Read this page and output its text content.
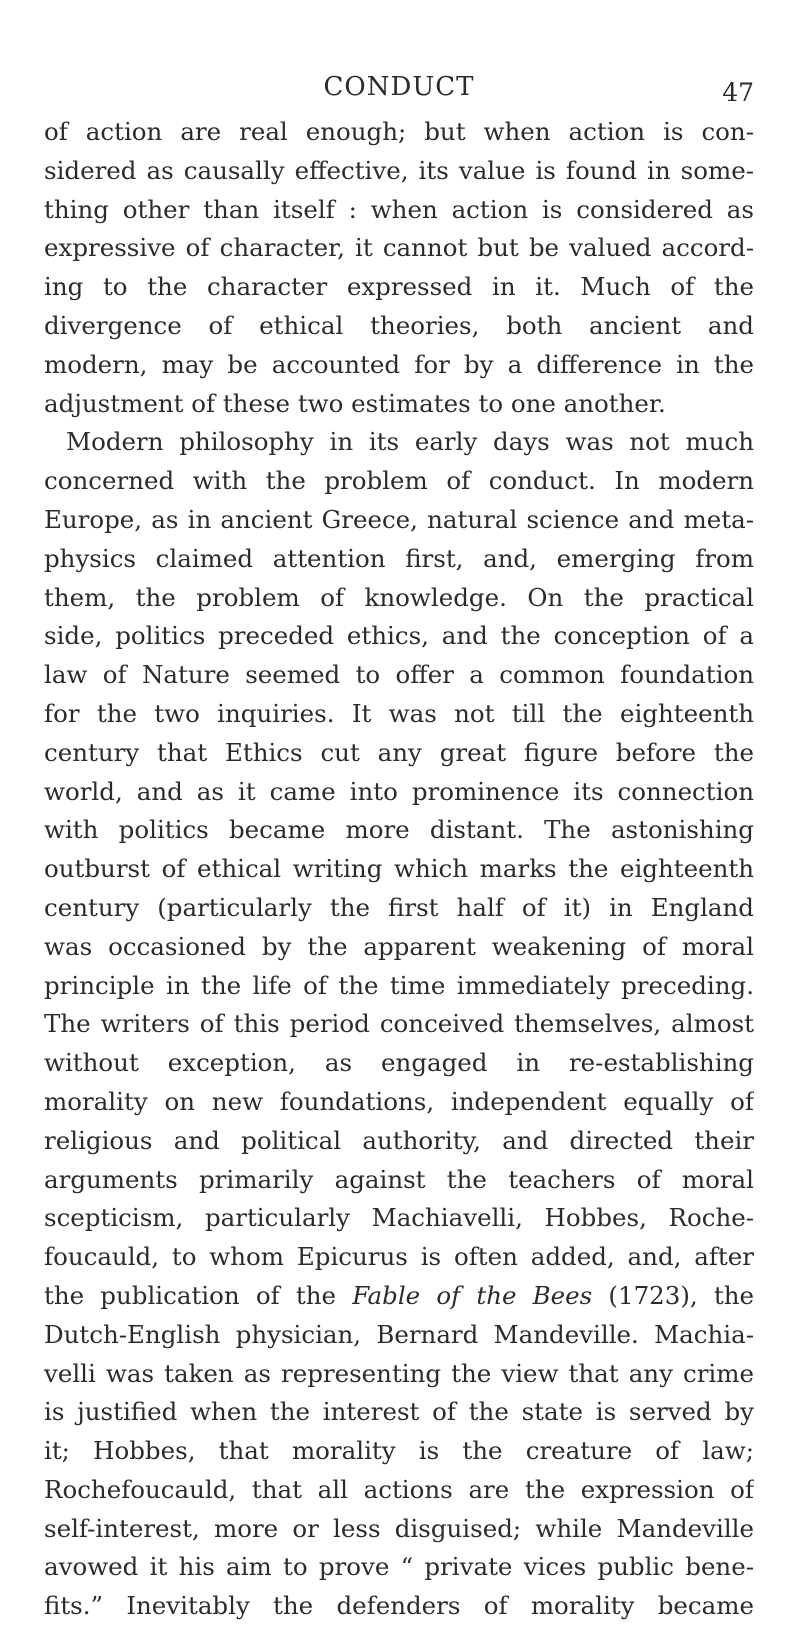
CONDUCT	47
of action are real enough; but when action is con-
sidered as causally effective, its value is found in some-
thing other than itself : when action is considered as
expressive of character, it cannot but be valued accord-
ing to the character expressed in it. Much of the
divergence of ethical theories, both ancient and
modern, may be accounted for by a difference in the
adjustment of these two estimates to one another.
Modern philosophy in its early days was not much
concerned with the problem of conduct. In modern
Europe, as in ancient Greece, natural science and meta-
physics claimed attention first, and, emerging from
them, the problem of knowledge. On the practical
side, politics preceded ethics, and the conception of a
law of Nature seemed to offer a common foundation
for the two inquiries. It was not till the eighteenth
century that Ethics cut any great figure before the
world, and as it came into prominence its connection
with politics became more distant. The astonishing
outburst of ethical writing which marks the eighteenth
century (particularly the first half of it) in England
was occasioned by the apparent weakening of moral
principle in the life of the time immediately preceding.
The writers of this period conceived themselves, almost
without exception, as engaged in re-establishing
morality on new foundations, independent equally of
religious and political authority, and directed their
arguments primarily against the teachers of moral
scepticism, particularly Machiavelli, Hobbes, Roche-
foucauld, to whom Epicurus is often added, and, after
the publication of the Fable of the Bees (1723), the
Dutch-English physician, Bernard Mandeville. Machia-
velli was taken as representing the view that any crime
is justified when the interest of the state is served by
it; Hobbes, that morality is the creature of law;
Rochefoucauld, that all actions are the expression of
self-interest, more or less disguised; while Mandeville
avowed it his aim to prove “ private vices public bene-
fits.” Inevitably the defenders of morality became
